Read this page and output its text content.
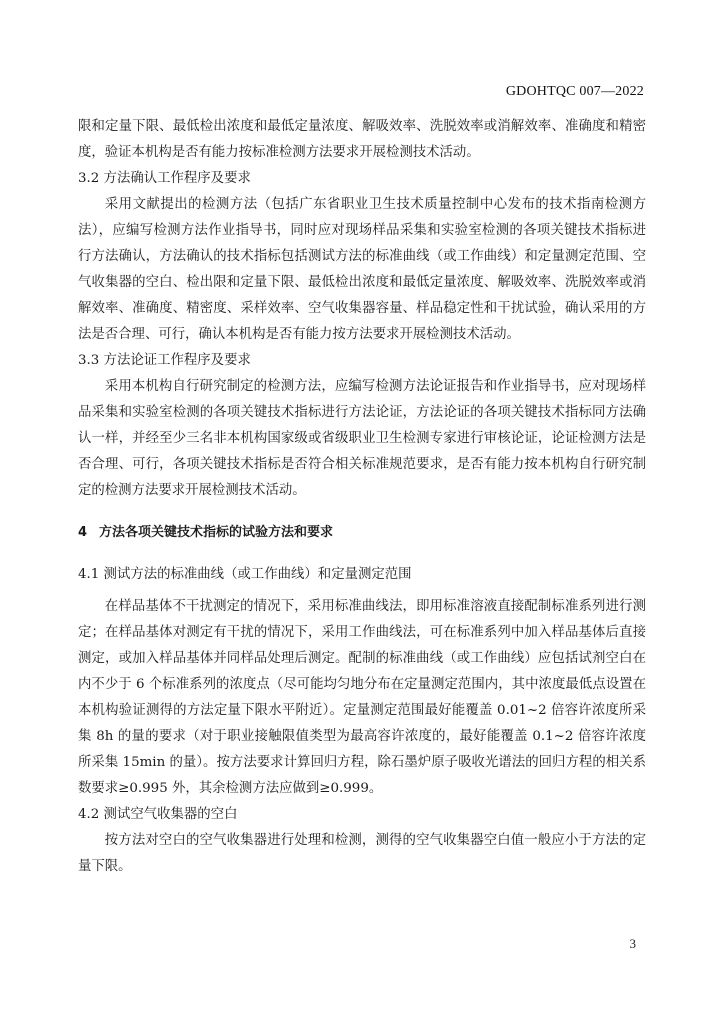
GDOHTQC 007—2022

限和定量下限、最低检出浓度和最低定量浓度、解吸效率、洗脱效率或消解效率、准确度和精密度，验证本机构是否有能力按标准检测方法要求开展检测技术活动。

3.2 方法确认工作程序及要求

采用文献提出的检测方法（包括广东省职业卫生技术质量控制中心发布的技术指南检测方法），应编写检测方法作业指导书，同时应对现场样品采集和实验室检测的各项关键技术指标进行方法确认，方法确认的技术指标包括测试方法的标准曲线（或工作曲线）和定量测定范围、空气收集器的空白、检出限和定量下限、最低检出浓度和最低定量浓度、解吸效率、洗脱效率或消解效率、准确度、精密度、采样效率、空气收集器容量、样品稳定性和干扰试验，确认采用的方法是否合理、可行，确认本机构是否有能力按方法要求开展检测技术活动。

3.3 方法论证工作程序及要求

采用本机构自行研究制定的检测方法，应编写检测方法论证报告和作业指导书，应对现场样品采集和实验室检测的各项关键技术指标进行方法论证，方法论证的各项关键技术指标同方法确认一样，并经至少三名非本机构国家级或省级职业卫生检测专家进行审核论证，论证检测方法是否合理、可行，各项关键技术指标是否符合相关标准规范要求，是否有能力按本机构自行研究制定的检测方法要求开展检测技术活动。

4 方法各项关键技术指标的试验方法和要求

4.1 测试方法的标准曲线（或工作曲线）和定量测定范围

在样品基体不干扰测定的情况下，采用标准曲线法，即用标准溶液直接配制标准系列进行测定；在样品基体对测定有干扰的情况下，采用工作曲线法，可在标准系列中加入样品基体后直接测定，或加入样品基体并同样品处理后测定。配制的标准曲线（或工作曲线）应包括试剂空白在内不少于 6 个标准系列的浓度点（尽可能均匀地分布在定量测定范围内，其中浓度最低点设置在本机构验证测得的方法定量下限水平附近）。定量测定范围最好能覆盖 0.01~2 倍容许浓度所采集 8h 的量的要求（对于职业接触限值类型为最高容许浓度的，最好能覆盖 0.1~2 倍容许浓度所采集 15min 的量）。按方法要求计算回归方程，除石墨炉原子吸收光谱法的回归方程的相关系数要求≥0.995 外，其余检测方法应做到≥0.999。

4.2 测试空气收集器的空白

按方法对空白的空气收集器进行处理和检测，测得的空气收集器空白值一般应小于方法的定量下限。

3
